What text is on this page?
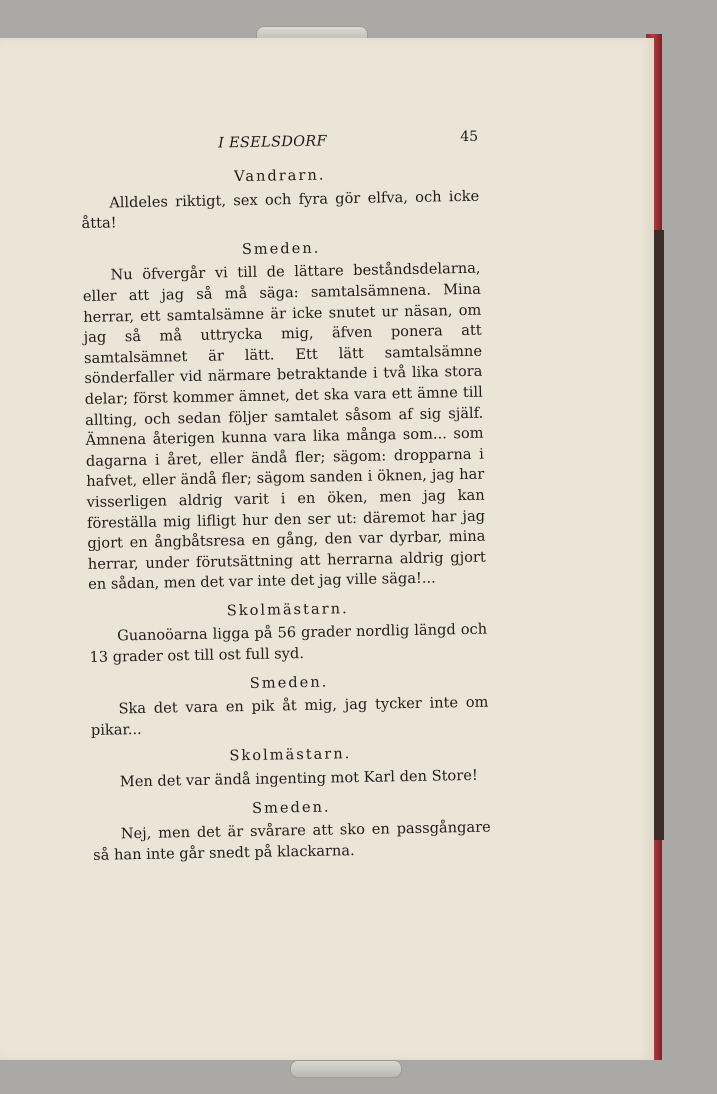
I ESELSDORF	45
Vandrarn.

Alldeles riktigt, sex och fyra gör elfva, och icke åtta!

Smeden.

Nu öfvergår vi till de lättare beståndsdelarna, eller att jag så må säga: samtalsämnena. Mina herrar, ett samtalsämne är icke snutet ur näsan, om jag så må uttrycka mig, äfven ponera att samtalsämnet är lätt. Ett lätt samtalsämne sönderfaller vid närmare betraktande i två lika stora delar; först kommer ämnet, det ska vara ett ämne till allting, och sedan följer samtalet såsom af sig själf. Ämnena återigen kunna vara lika många som... som dagarna i året, eller ändå fler; sägom: dropparna i hafvet, eller ändå fler; sägom sanden i öknen, jag har visserligen aldrig varit i en öken, men jag kan föreställa mig lifligt hur den ser ut: däremot har jag gjort en ångbåtsresa en gång, den var dyrbar, mina herrar, under förutsättning att herrarna aldrig gjort en sådan, men det var inte det jag ville säga!...

Skolmästarn.

Guanoöarna ligga på 56 grader nordlig längd och 13 grader ost till ost full syd.

Smeden.

Ska det vara en pik åt mig, jag tycker inte om pikar...

Skolmästarn.

Men det var ändå ingenting mot Karl den Store!

Smeden.

Nej, men det är svårare att sko en passgångare så han inte går snedt på klackarna.
